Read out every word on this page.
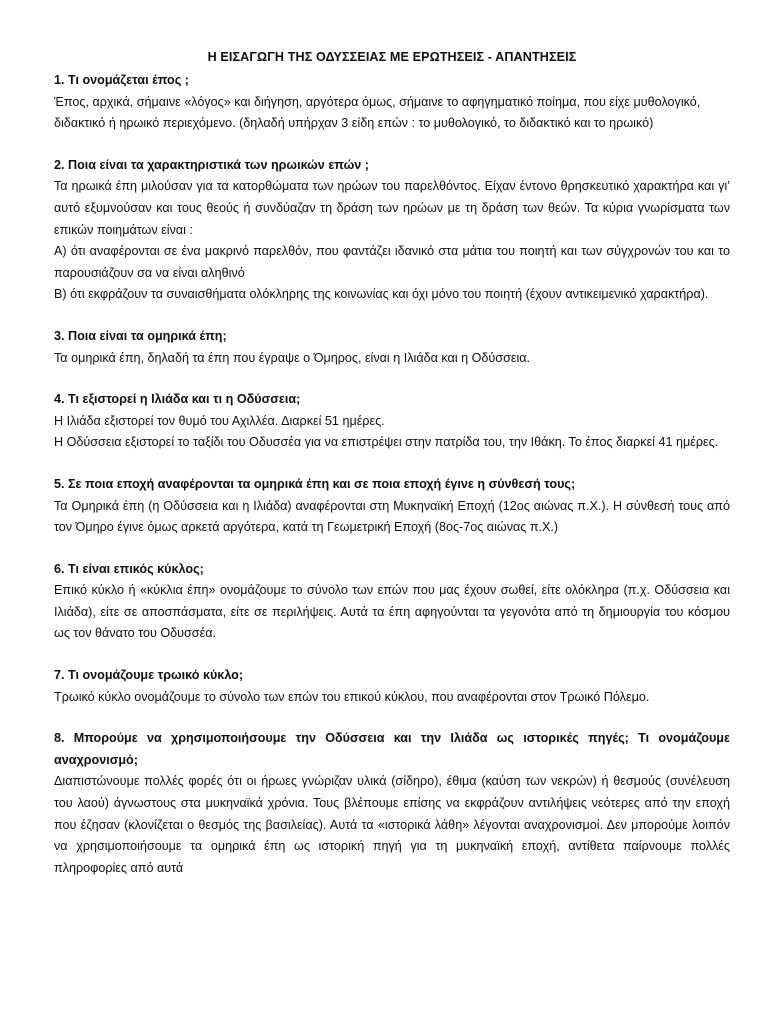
Η ΕΙΣΑΓΩΓΗ ΤΗΣ ΟΔΥΣΣΕΙΑΣ ΜΕ ΕΡΩΤΗΣΕΙΣ - ΑΠΑΝΤΗΣΕΙΣ

1. Τι ονομάζεται έπος ;

Έπος, αρχικά, σήμαινε «λόγος» και διήγηση, αργότερα όμως, σήμαινε το αφηγηματικό ποίημα, που είχε μυθολογικό, διδακτικό ή ηρωικό περιεχόμενο. (δηλαδή υπήρχαν 3 είδη επών : το μυθολογικό, το διδακτικό και το ηρωικό)

2. Ποια είναι τα χαρακτηριστικά των ηρωικών επών ;

Τα ηρωικά έπη μιλούσαν για τα κατορθώματα των ηρώων του παρελθόντος. Είχαν έντονο θρησκευτικό χαρακτήρα και γι’ αυτό εξυμνούσαν και τους θεούς ή συνδύαζαν τη δράση των ηρώων με τη δράση των θεών. Τα κύρια γνωρίσματα των επικών ποιημάτων είναι :

Α) ότι αναφέρονται σε ένα μακρινό παρελθόν, που φαντάζει ιδανικό στα μάτια του ποιητή και των σύγχρονών του και το παρουσιάζουν σα να είναι αληθινό

Β) ότι εκφράζουν τα συναισθήματα ολόκληρης της κοινωνίας και όχι μόνο του ποιητή (έχουν αντικειμενικό χαρακτήρα).

3. Ποια είναι τα ομηρικά έπη;

Τα ομηρικά έπη, δηλαδή τα έπη που έγραψε ο Όμηρος, είναι η Ιλιάδα και η Οδύσσεια.

4. Τι εξιστορεί η Ιλιάδα και τι η Οδύσσεια;

Η Ιλιάδα εξιστορεί τον θυμό του Αχιλλέα. Διαρκεί 51 ημέρες.

Η Οδύσσεια εξιστορεί το ταξίδι του Οδυσσέα για να επιστρέψει στην πατρίδα του, την Ιθάκη. Το έπος διαρκεί 41 ημέρες.

5. Σε ποια εποχή αναφέρονται τα ομηρικά έπη και σε ποια εποχή έγινε η σύνθεσή τους;

Τα Ομηρικά έπη (η Οδύσσεια και η Ιλιάδα) αναφέρονται στη Μυκηναϊκή Εποχή (12ος αιώνας π.Χ.). Η σύνθεσή τους από τον Όμηρο έγινε όμως αρκετά αργότερα, κατά τη Γεωμετρική Εποχή (8ος-7ος αιώνας π.Χ.)

6. Τι είναι επικός κύκλος;

Επικό κύκλο ή «κύκλια έπη» ονομάζουμε το σύνολο των επών που μας έχουν σωθεί, είτε ολόκληρα (π.χ. Οδύσσεια και Ιλιάδα), είτε σε αποσπάσματα, είτε σε περιλήψεις. Αυτά τα έπη αφηγούνται τα γεγονότα από τη δημιουργία του κόσμου ως τον θάνατο του Οδυσσέα.

7. Τι ονομάζουμε τρωικό κύκλο;

Τρωικό κύκλο ονομάζουμε το σύνολο των επών του επικού κύκλου, που αναφέρονται στον Τρωικό Πόλεμο.

8. Μπορούμε να χρησιμοποιήσουμε την Οδύσσεια και την Ιλιάδα ως ιστορικές πηγές; Τι ονομάζουμε αναχρονισμό;

Διαπιστώνουμε πολλές φορές ότι οι ήρωες γνώριζαν υλικά (σίδηρο), έθιμα (καύση των νεκρών) ή θεσμούς (συνέλευση του λαού) άγνωστους στα μυκηναϊκά χρόνια. Τους βλέπουμε επίσης να εκφράζουν αντιλήψεις νεότερες από την εποχή που έζησαν (κλονίζεται ο θεσμός της βασιλείας). Αυτά τα «ιστορικά λάθη» λέγονται αναχρονισμοί. Δεν μπορούμε λοιπόν να χρησιμοποιήσουμε τα ομηρικά έπη ως ιστορική πηγή για τη μυκηναϊκή εποχή, αντίθετα παίρνουμε πολλές πληροφορίες από αυτά
